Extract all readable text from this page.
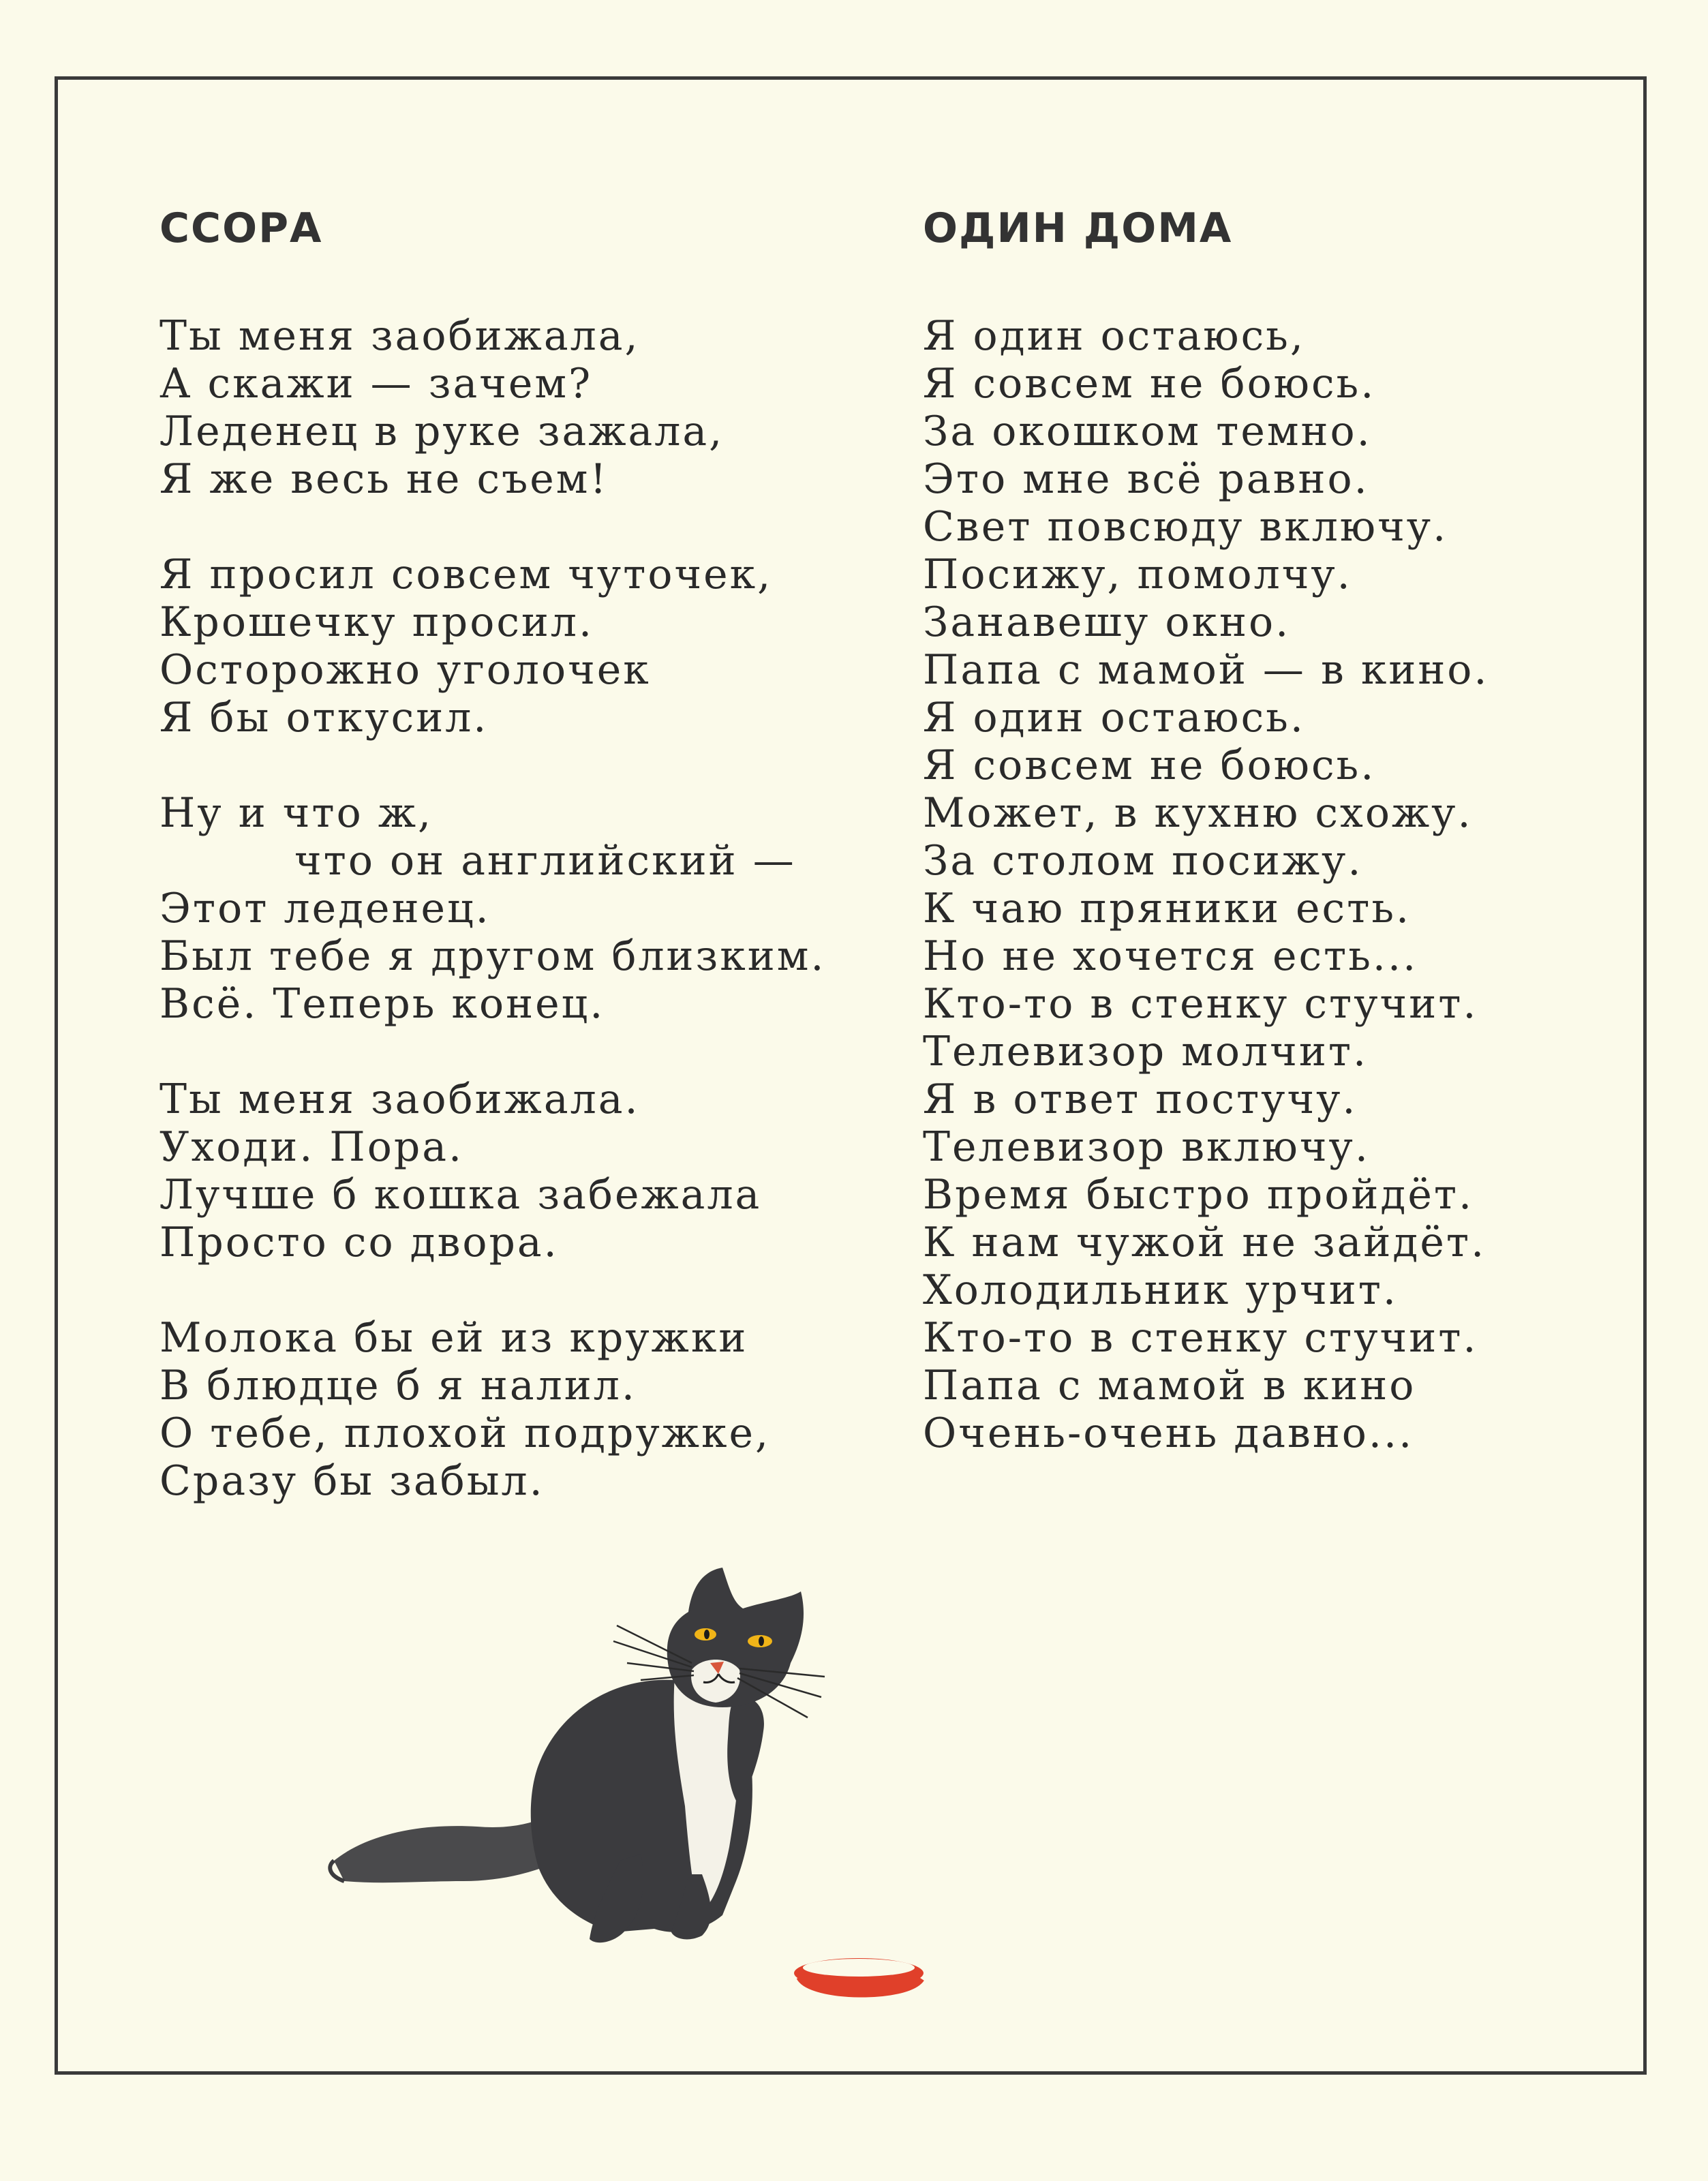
ССОРА
Ты меня заобижала,
А скажи — зачем?
Леденец в руке зажала,
Я же весь не съем!
Я просил совсем чуточек,
Крошечку просил.
Осторожно уголочек
Я бы откусил.
Ну и что ж,
что он английский —
Этот леденец.
Был тебе я другом близким.
Всё. Теперь конец.
Ты меня заобижала.
Уходи. Пора.
Лучше б кошка забежала
Просто со двора.
Молока бы ей из кружки
В блюдце б я налил.
О тебе, плохой подружке,
Сразу бы забыл.
ОДИН ДОМА
Я один остаюсь,
Я совсем не боюсь.
За окошком темно.
Это мне всё равно.
Свет повсюду включу.
Посижу, помолчу.
Занавешу окно.
Папа с мамой — в кино.
Я один остаюсь.
Я совсем не боюсь.
Может, в кухню схожу.
За столом посижу.
К чаю пряники есть.
Но не хочется есть...
Кто-то в стенку стучит.
Телевизор молчит.
Я в ответ постучу.
Телевизор включу.
Время быстро пройдёт.
К нам чужой не зайдёт.
Холодильник урчит.
Кто-то в стенку стучит.
Папа с мамой в кино
Очень-очень давно...
